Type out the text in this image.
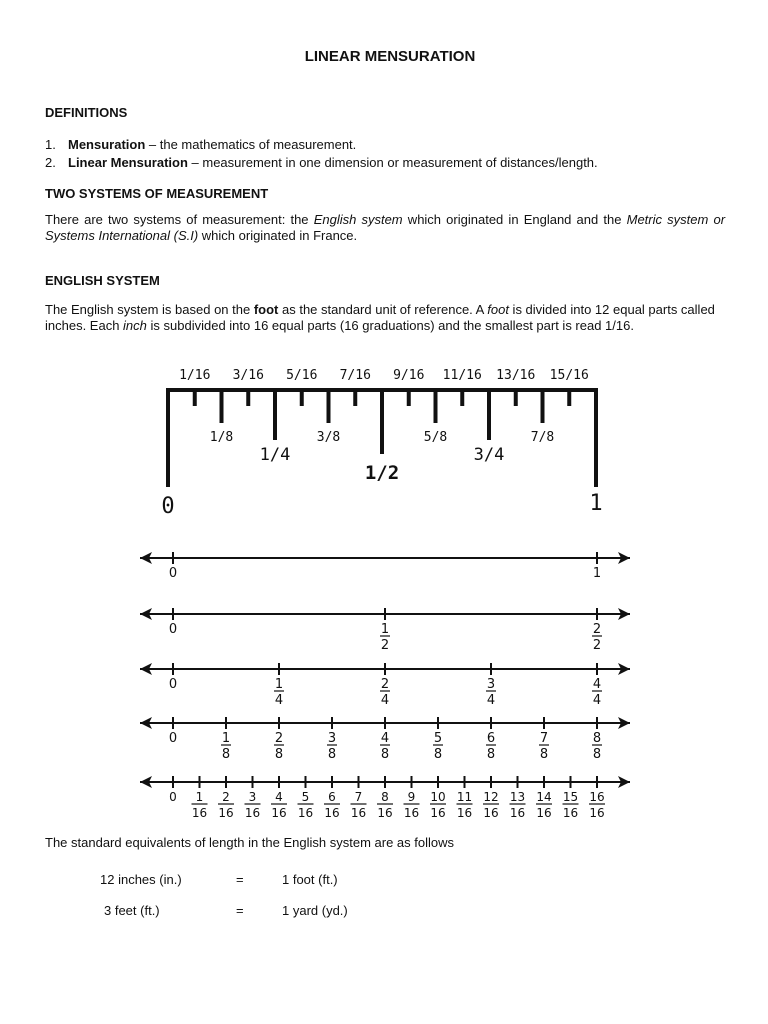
LINEAR MENSURATION
DEFINITIONS
1. Mensuration – the mathematics of measurement.
2. Linear Mensuration – measurement in one dimension or measurement of distances/length.
TWO SYSTEMS OF MEASUREMENT
There are two systems of measurement: the English system which originated in England and the Metric system or Systems International (S.I) which originated in France.
ENGLISH SYSTEM
The English system is based on the foot as the standard unit of reference. A foot is divided into 12 equal parts called inches. Each inch is subdivided into 16 equal parts (16 graduations) and the smallest part is read 1/16.
1/16 3/16 5/16 7/16 9/16 11/16 13/16 15/16
1/8	3/8	5/8	7/8
1/4	3/4
1/2
0	1
0	1
0	1
2
2
2
0	1
4
2
4
3
4
4
4
0	1
8
2
8
3
8
4
8
5
8
6
8
7
8
8
8
0 1
16
2
16
3
16
4
16
5
16
6
16
7
16
8
16
9
16
10
16
11
16
12
16
13
16
14
16
15
16
16
16
The standard equivalents of length in the English system are as follows
12 inches (in.)	=	1 foot (ft.)
3 feet (ft.)	=	1 yard (yd.)
